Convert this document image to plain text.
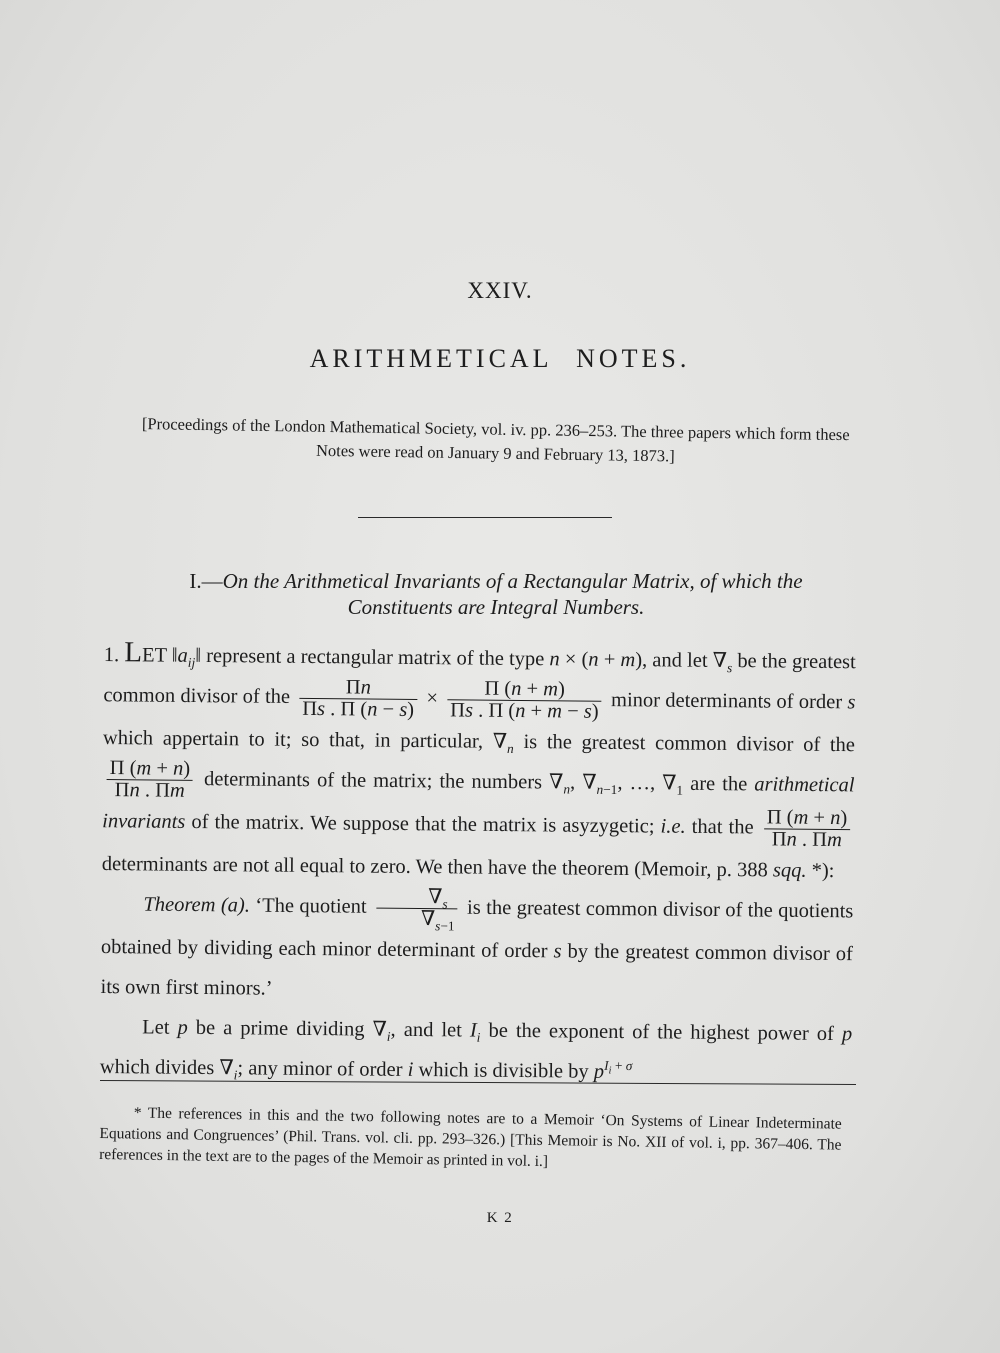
XXIV.
ARITHMETICAL NOTES.
[Proceedings of the London Mathematical Society, vol. iv. pp. 236–253. The three papers which form these Notes were read on January 9 and February 13, 1873.]
I.—On the Arithmetical Invariants of a Rectangular Matrix, of which the Constituents are Integral Numbers.

1. LET $‖a_{ij}‖$ represent a rectangular matrix of the type n × (n + m), and let $\nabla_s$ be the greatest common divisor of the $\frac{\Pi n}{\Pi s . \Pi (n - s)} \times \frac{\Pi (n + m)}{\Pi s . \Pi (n + m - s)}$ minor determinants of order s which appertain to it; so that, in particular, $\nabla_n$ is the greatest common divisor of the
$\frac{\Pi (m + n)}{\Pi n . \Pi m}$ determinants of the matrix; the numbers $\nabla_n$, $\nabla_{n-1}$, …, $\nabla_1$ are the arithmetical invariants of the matrix. We suppose that the matrix is asyzygetic; i.e. that the $\frac{\Pi (m + n)}{\Pi n . \Pi m}$
determinants are not all equal to zero. We then have the theorem (Memoir, p. 388 sqq. *):

Theorem (a). ‘The quotient $\frac{\nabla_s}{\nabla_{s-1}}$ is the greatest common divisor of the quotients obtained by dividing each minor determinant of order s by the greatest common divisor of its own first minors.’

Let p be a prime dividing $\nabla_i$, and let $I_i$ be the exponent of the highest power of p which divides $\nabla_i$; any minor of order i which is divisible by $p^{I_i + \sigma}$

* The references in this and the two following notes are to a Memoir ‘On Systems of Linear Indeterminate Equations and Congruences’ (Phil. Trans. vol. cli. pp. 293–326.) [This Memoir is No. XII of vol. i, pp. 367–406. The references in the text are to the pages of the Memoir as printed in vol. i.]
K 2
